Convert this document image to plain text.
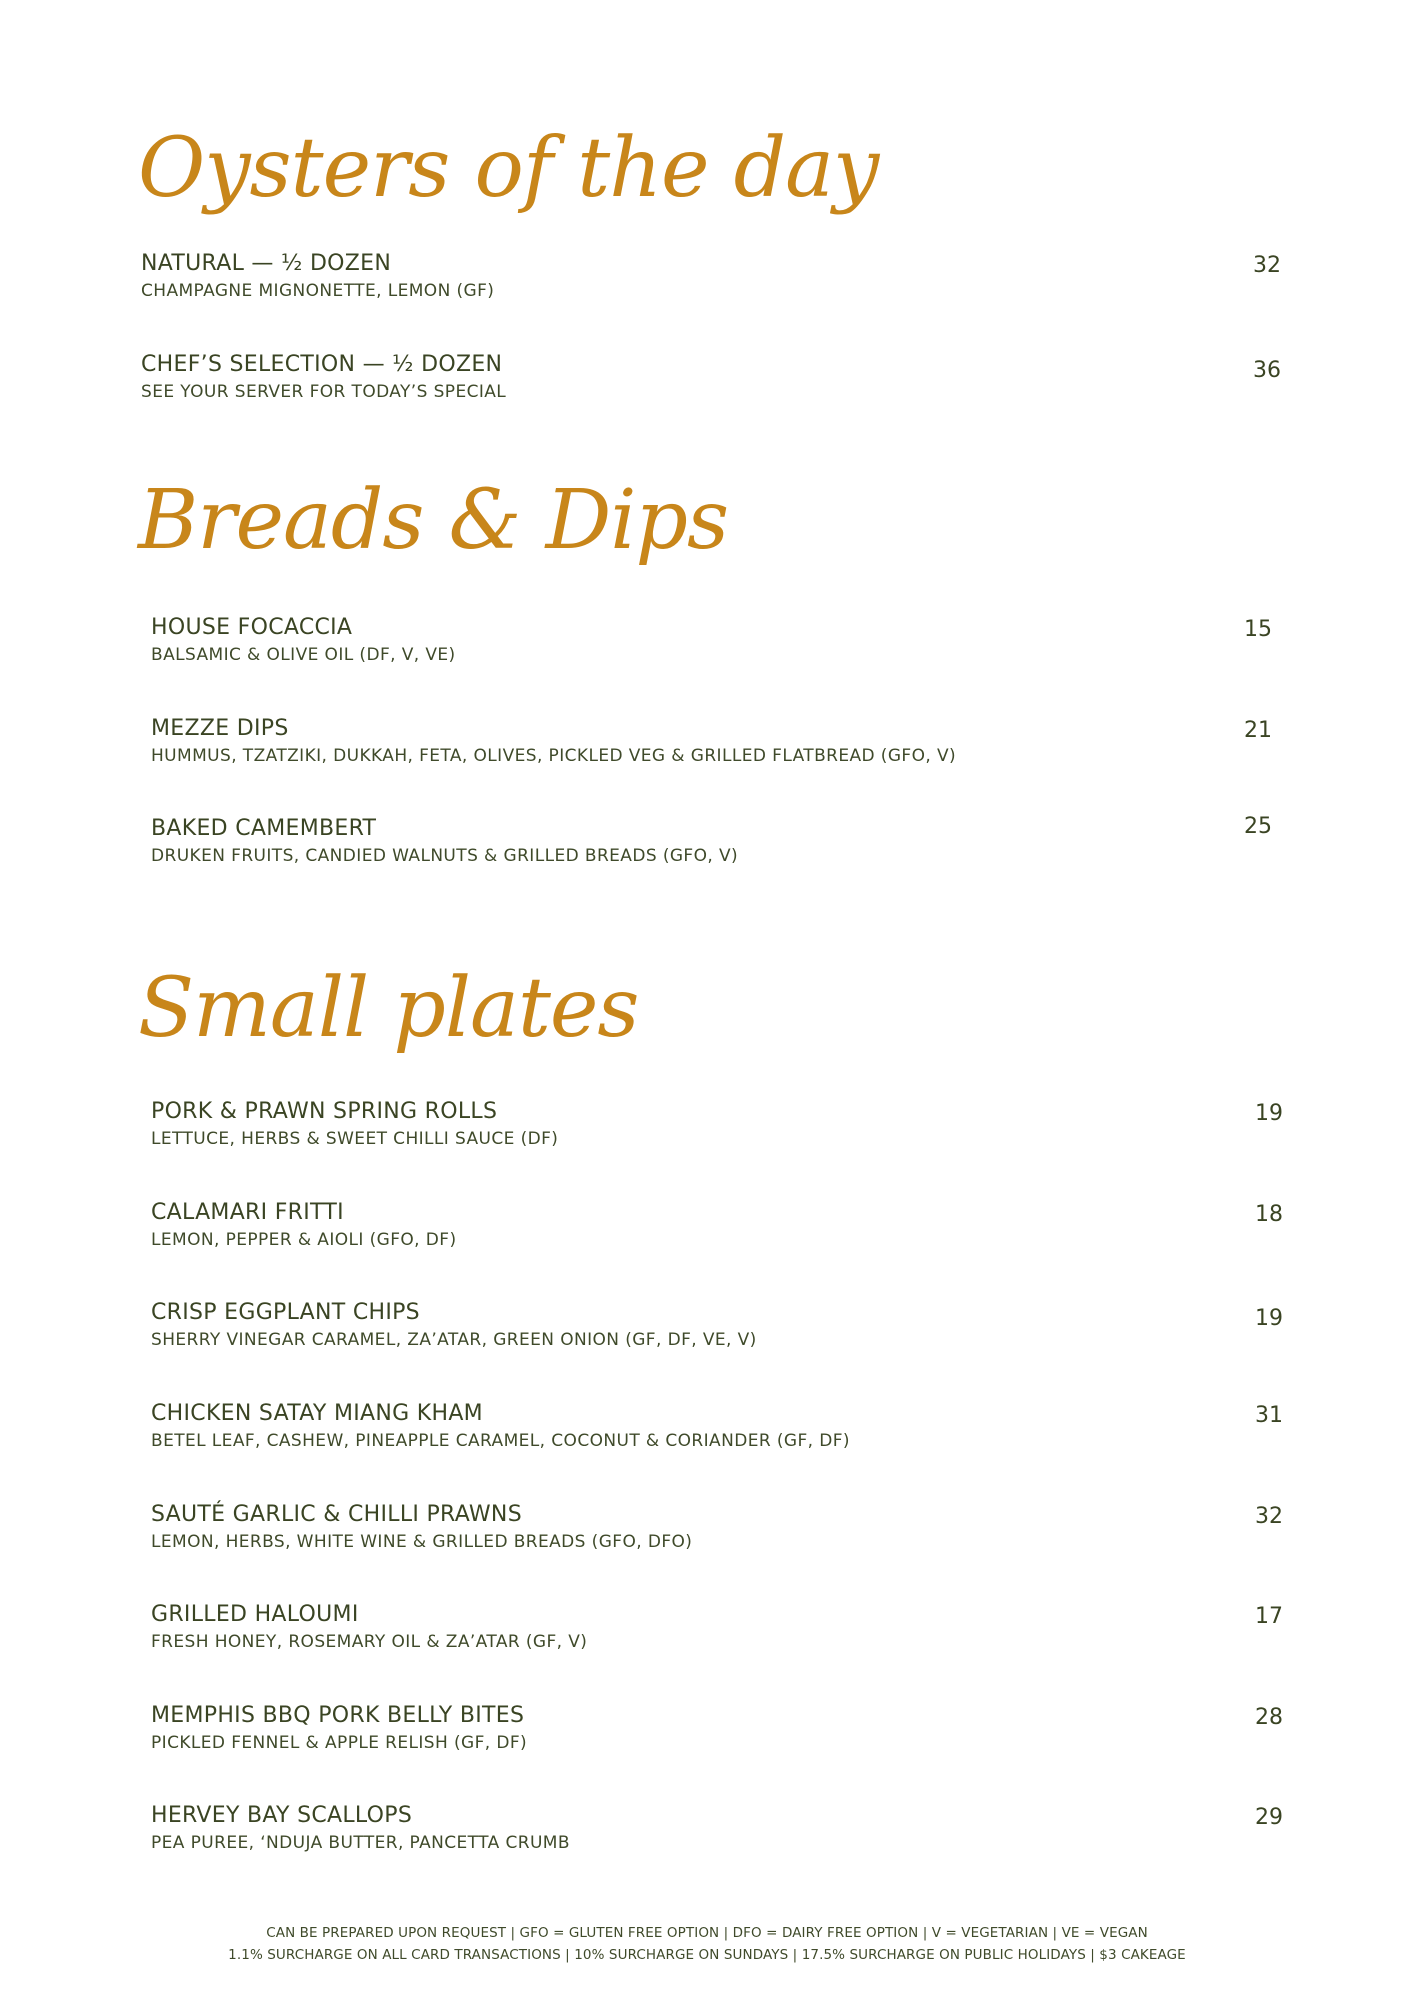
Oysters of the day
NATURAL — ½ DOZEN
CHAMPAGNE MIGNONETTE, LEMON (GF)
32
CHEF’S SELECTION — ½ DOZEN
SEE YOUR SERVER FOR TODAY’S SPECIAL
36
Breads & Dips
HOUSE FOCACCIA
BALSAMIC & OLIVE OIL (DF, V, VE)
15
MEZZE DIPS
HUMMUS, TZATZIKI, DUKKAH, FETA, OLIVES, PICKLED VEG & GRILLED FLATBREAD (GFO, V)
21
BAKED CAMEMBERT
DRUKEN FRUITS, CANDIED WALNUTS & GRILLED BREADS (GFO, V)
25
Small plates
PORK & PRAWN SPRING ROLLS
LETTUCE, HERBS & SWEET CHILLI SAUCE (DF)
19
CALAMARI FRITTI
LEMON, PEPPER & AIOLI (GFO, DF)
18
CRISP EGGPLANT CHIPS
SHERRY VINEGAR CARAMEL, ZA’ATAR, GREEN ONION (GF, DF, VE, V)
19
CHICKEN SATAY MIANG KHAM
BETEL LEAF, CASHEW, PINEAPPLE CARAMEL, COCONUT & CORIANDER (GF, DF)
31
SAUTÉ GARLIC & CHILLI PRAWNS
LEMON, HERBS, WHITE WINE & GRILLED BREADS (GFO, DFO)
32
GRILLED HALOUMI
FRESH HONEY, ROSEMARY OIL & ZA’ATAR (GF, V)
17
MEMPHIS BBQ PORK BELLY BITES
PICKLED FENNEL & APPLE RELISH (GF, DF)
28
HERVEY BAY SCALLOPS
PEA PUREE, ‘NDUJA BUTTER, PANCETTA CRUMB
29
CAN BE PREPARED UPON REQUEST | GFO = GLUTEN FREE OPTION | DFO = DAIRY FREE OPTION | V = VEGETARIAN | VE = VEGAN
1.1% SURCHARGE ON ALL CARD TRANSACTIONS | 10% SURCHARGE ON SUNDAYS | 17.5% SURCHARGE ON PUBLIC HOLIDAYS | $3 CAKEAGE
